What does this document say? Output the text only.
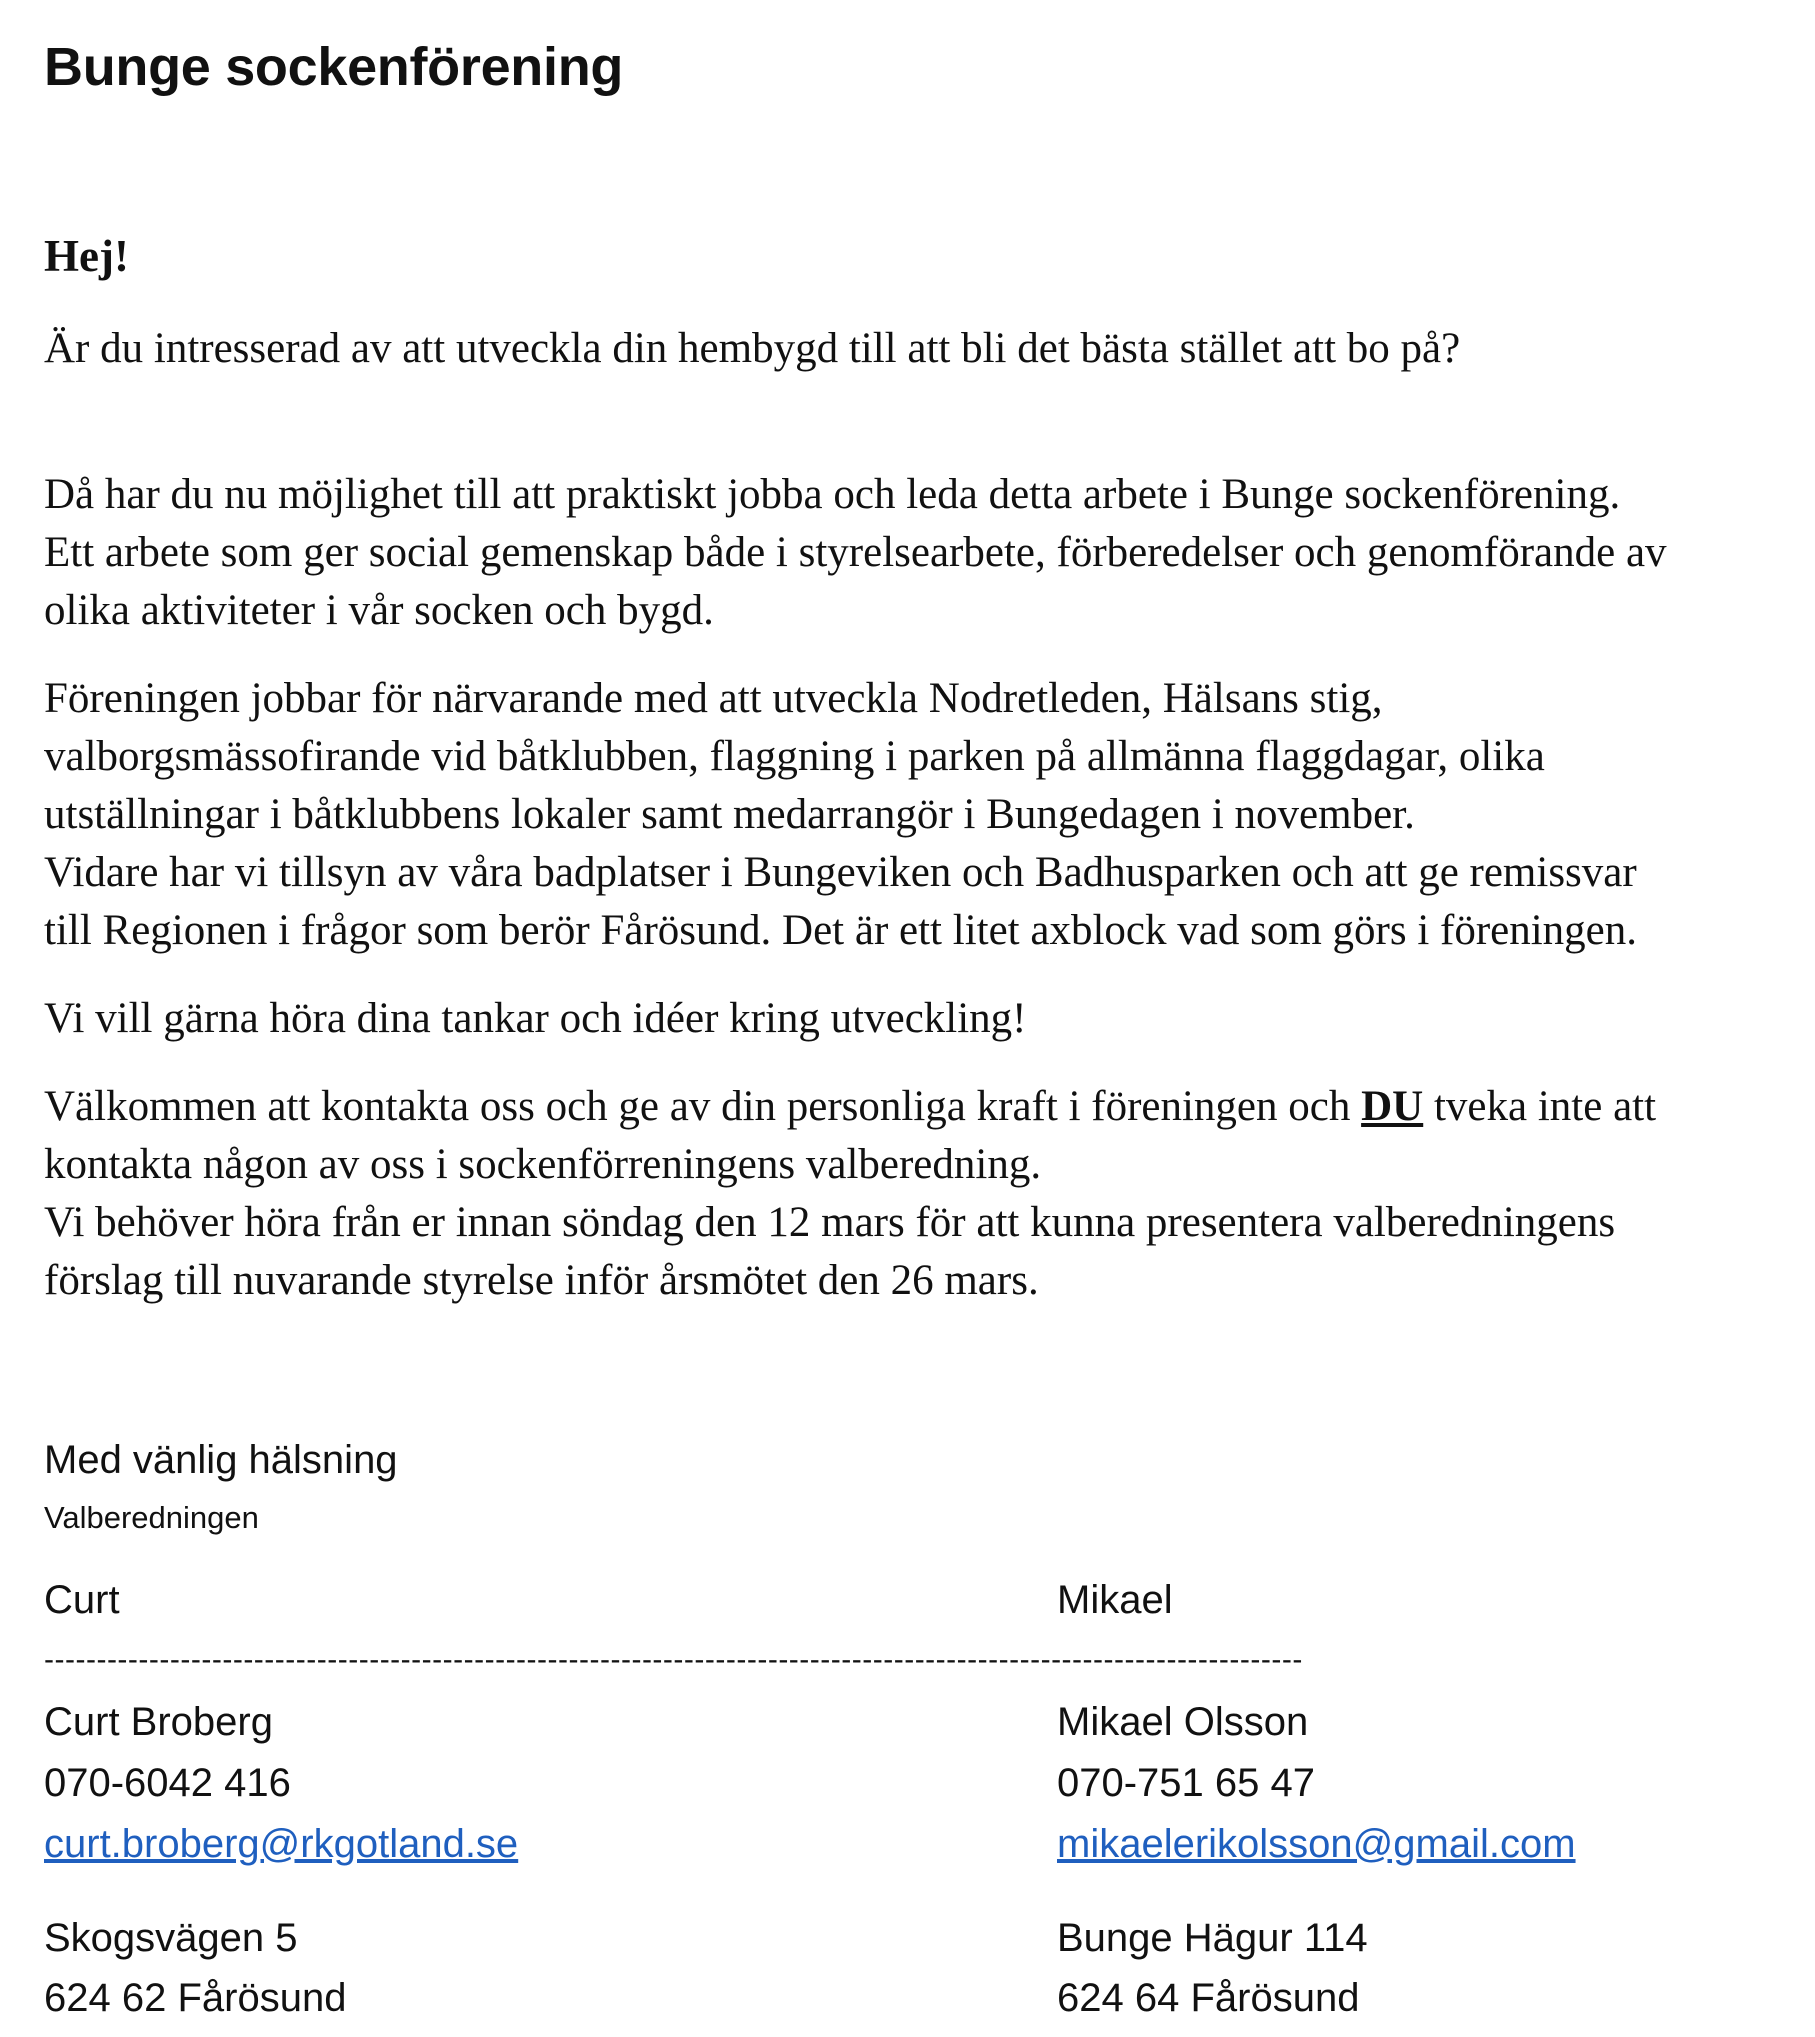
Bunge sockenförening
Hej!
Är du intresserad av att utveckla din hembygd till att bli det bästa stället att bo på?
Då har du nu möjlighet till att praktiskt jobba och leda detta arbete i Bunge sockenförening.
Ett arbete som ger social gemenskap både i styrelsearbete, förberedelser och genomförande av
olika aktiviteter i vår socken och bygd.
Föreningen jobbar för närvarande med att utveckla Nodretleden, Hälsans stig,
valborgsmässofirande vid båtklubben, flaggning i parken på allmänna flaggdagar, olika
utställningar i båtklubbens lokaler samt medarrangör i Bungedagen i november.
Vidare har vi tillsyn av våra badplatser i Bungeviken och Badhusparken och att ge remissvar
till Regionen i frågor som berör Fårösund. Det är ett litet axblock vad som görs i föreningen.
Vi vill gärna höra dina tankar och idéer kring utveckling!
Välkommen att kontakta oss och ge av din personliga kraft i föreningen och DU tveka inte att
kontakta någon av oss i sockenförreningens valberedning.
Vi behöver höra från er innan söndag den 12 mars för att kunna presentera valberedningens
förslag till nuvarande styrelse inför årsmötet den 26 mars.
Med vänlig hälsning
Valberedningen
------------------------------------------------------------------------------------------------------------------------
Curt
Curt Broberg
070-6042 416
curt.broberg@rkgotland.se
Skogsvägen 5
624 62 Fårösund
Mikael
Mikael Olsson
070-751 65 47
mikaelerikolsson@gmail.com
Bunge Hägur 114
624 64 Fårösund
